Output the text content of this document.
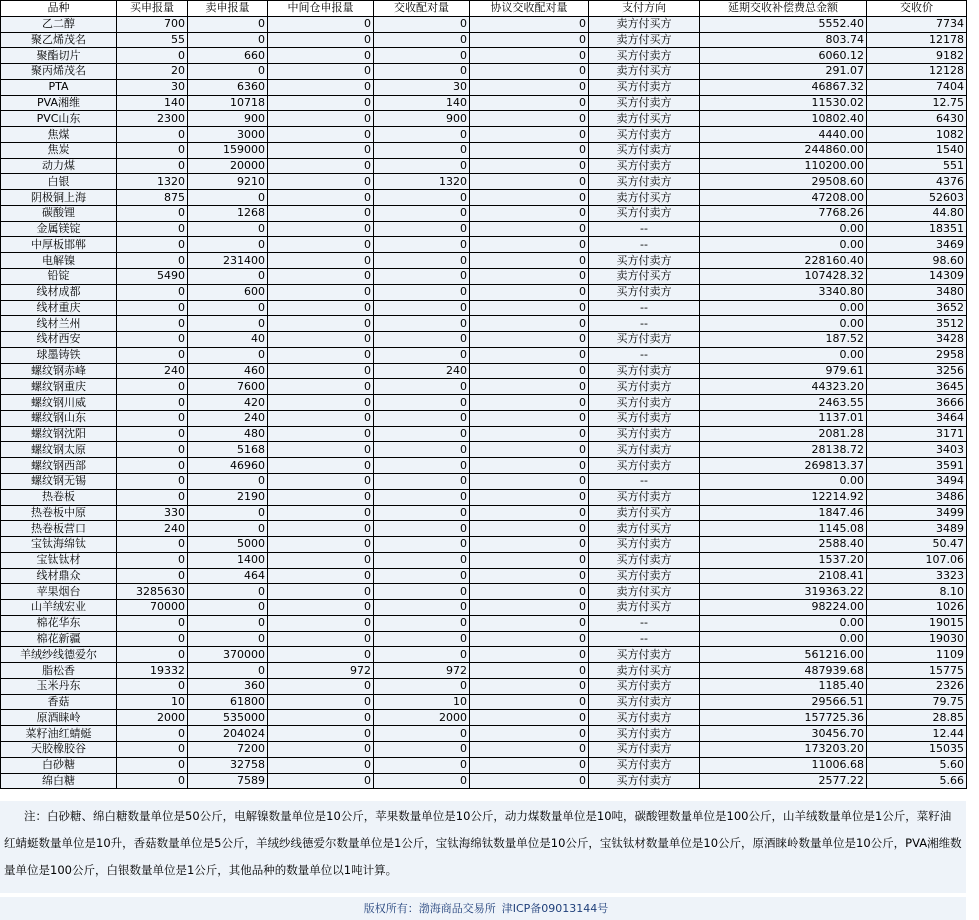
品种	买申报量	卖申报量	中间仓申报量	交收配对量	协议交收配对量	支付方向	延期交收补偿费总金额	交收价
乙二醇	700	0	0	0	0	卖方付买方	5552.40	7734
聚乙烯茂名	55	0	0	0	0	卖方付买方	803.74	12178
聚酯切片	0	660	0	0	0	买方付卖方	6060.12	9182
聚丙烯茂名	20	0	0	0	0	卖方付买方	291.07	12128
PTA	30	6360	0	30	0	买方付卖方	46867.32	7404
PVA湘维	140	10718	0	140	0	买方付卖方	11530.02	12.75
PVC山东	2300	900	0	900	0	卖方付买方	10802.40	6430
焦煤	0	3000	0	0	0	买方付卖方	4440.00	1082
焦炭	0	159000	0	0	0	买方付卖方	244860.00	1540
动力煤	0	20000	0	0	0	买方付卖方	110200.00	551
白银	1320	9210	0	1320	0	买方付卖方	29508.60	4376
阴极铜上海	875	0	0	0	0	卖方付买方	47208.00	52603
碳酸锂	0	1268	0	0	0	买方付卖方	7768.26	44.80
金属镁锭	0	0	0	0	0	--	0.00	18351
中厚板邯郸	0	0	0	0	0	--	0.00	3469
电解镍	0	231400	0	0	0	买方付卖方	228160.40	98.60
铅锭	5490	0	0	0	0	卖方付买方	107428.32	14309
线材成都	0	600	0	0	0	买方付卖方	3340.80	3480
线材重庆	0	0	0	0	0	--	0.00	3652
线材兰州	0	0	0	0	0	--	0.00	3512
线材西安	0	40	0	0	0	买方付卖方	187.52	3428
球墨铸铁	0	0	0	0	0	--	0.00	2958
螺纹钢赤峰	240	460	0	240	0	买方付卖方	979.61	3256
螺纹钢重庆	0	7600	0	0	0	买方付卖方	44323.20	3645
螺纹钢川威	0	420	0	0	0	买方付卖方	2463.55	3666
螺纹钢山东	0	240	0	0	0	买方付卖方	1137.01	3464
螺纹钢沈阳	0	480	0	0	0	买方付卖方	2081.28	3171
螺纹钢太原	0	5168	0	0	0	买方付卖方	28138.72	3403
螺纹钢西部	0	46960	0	0	0	买方付卖方	269813.37	3591
螺纹钢无锡	0	0	0	0	0	--	0.00	3494
热卷板	0	2190	0	0	0	买方付卖方	12214.92	3486
热卷板中原	330	0	0	0	0	卖方付买方	1847.46	3499
热卷板营口	240	0	0	0	0	卖方付买方	1145.08	3489
宝钛海绵钛	0	5000	0	0	0	买方付卖方	2588.40	50.47
宝钛钛材	0	1400	0	0	0	买方付卖方	1537.20	107.06
线材鼎众	0	464	0	0	0	买方付卖方	2108.41	3323
苹果烟台	3285630	0	0	0	0	卖方付买方	319363.22	8.10
山羊绒宏业	70000	0	0	0	0	卖方付买方	98224.00	1026
棉花华东	0	0	0	0	0	--	0.00	19015
棉花新疆	0	0	0	0	0	--	0.00	19030
羊绒纱线德爱尔	0	370000	0	0	0	买方付卖方	561216.00	1109
脂松香	19332	0	972	972	0	卖方付买方	487939.68	15775
玉米丹东	0	360	0	0	0	买方付卖方	1185.40	2326
香菇	10	61800	0	10	0	买方付卖方	29566.51	79.75
原酒睐岭	2000	535000	0	2000	0	买方付卖方	157725.36	28.85
菜籽油红蜻蜓	0	204024	0	0	0	买方付卖方	30456.70	12.44
天胶橡胶谷	0	7200	0	0	0	买方付卖方	173203.20	15035
白砂糖	0	32758	0	0	0	买方付卖方	11006.68	5.60
绵白糖	0	7589	0	0	0	买方付卖方	2577.22	5.66
注：白砂糖、绵白糖数量单位是50公斤，电解镍数量单位是10公斤，苹果数量单位是10公斤，动力煤数量单位是10吨，碳酸锂数量单位是100公斤，山羊绒数量单位是1公斤，菜籽油红蜻蜓数量单位是10升，香菇数量单位是5公斤，羊绒纱线德爱尔数量单位是1公斤，宝钛海绵钛数量单位是10公斤，宝钛钛材数量单位是10公斤，原酒睐岭数量单位是10公斤，PVA湘维数量单位是100公斤，白银数量单位是1公斤，其他品种的数量单位以1吨计算。
版权所有：渤海商品交易所 津ICP备09013144号
